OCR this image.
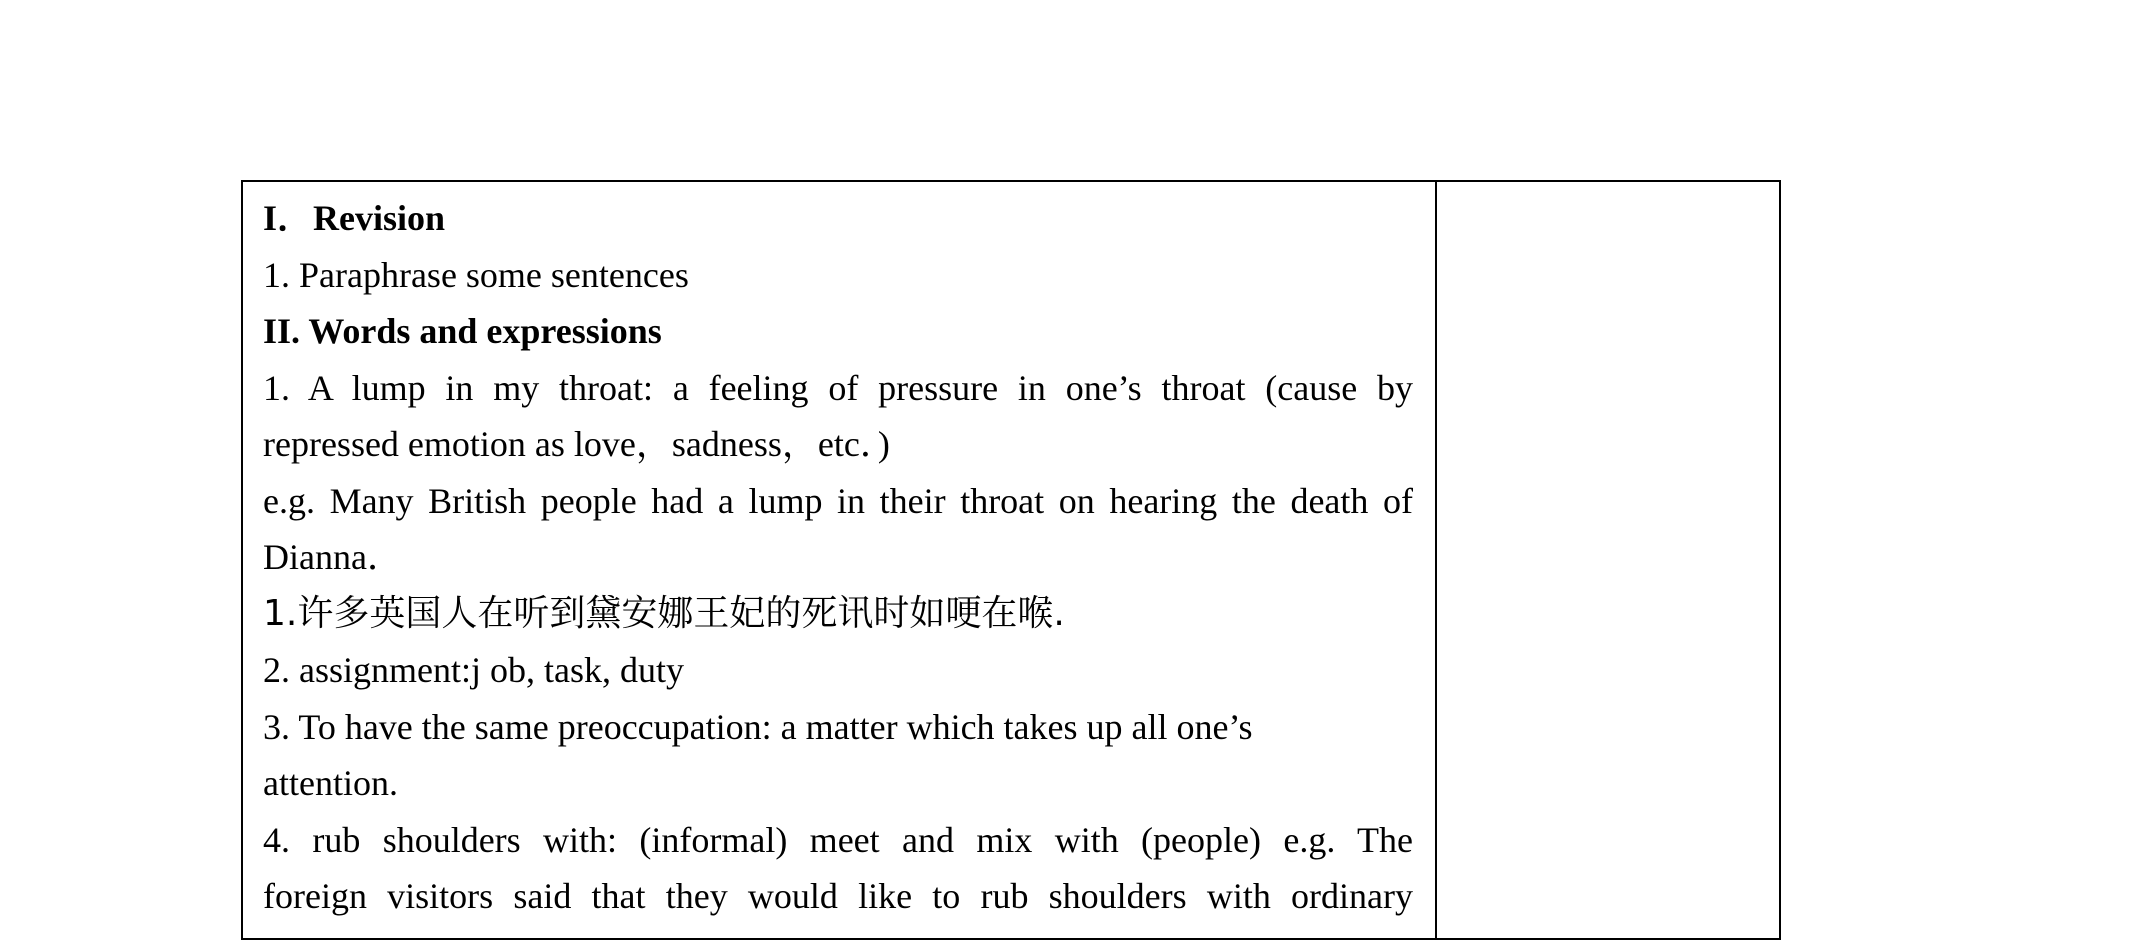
I．Revision

1. Paraphrase some sentences

II. Words and expressions

1. A lump in my throat: a feeling of pressure in one’s throat (cause by

repressed emotion as love，sadness，etc．)

e.g. Many British people had a lump in their throat on hearing the death of

Dianna．

1.许多英国人在听到黛安娜王妃的死讯时如哽在喉.

2. assignment:j ob, task, duty

3. To have the same preoccupation: a matter which takes up all one’s

attention.

4. rub shoulders with: (informal) meet and mix with (people) e.g. The

foreign visitors said that they would like to rub shoulders with ordinary
